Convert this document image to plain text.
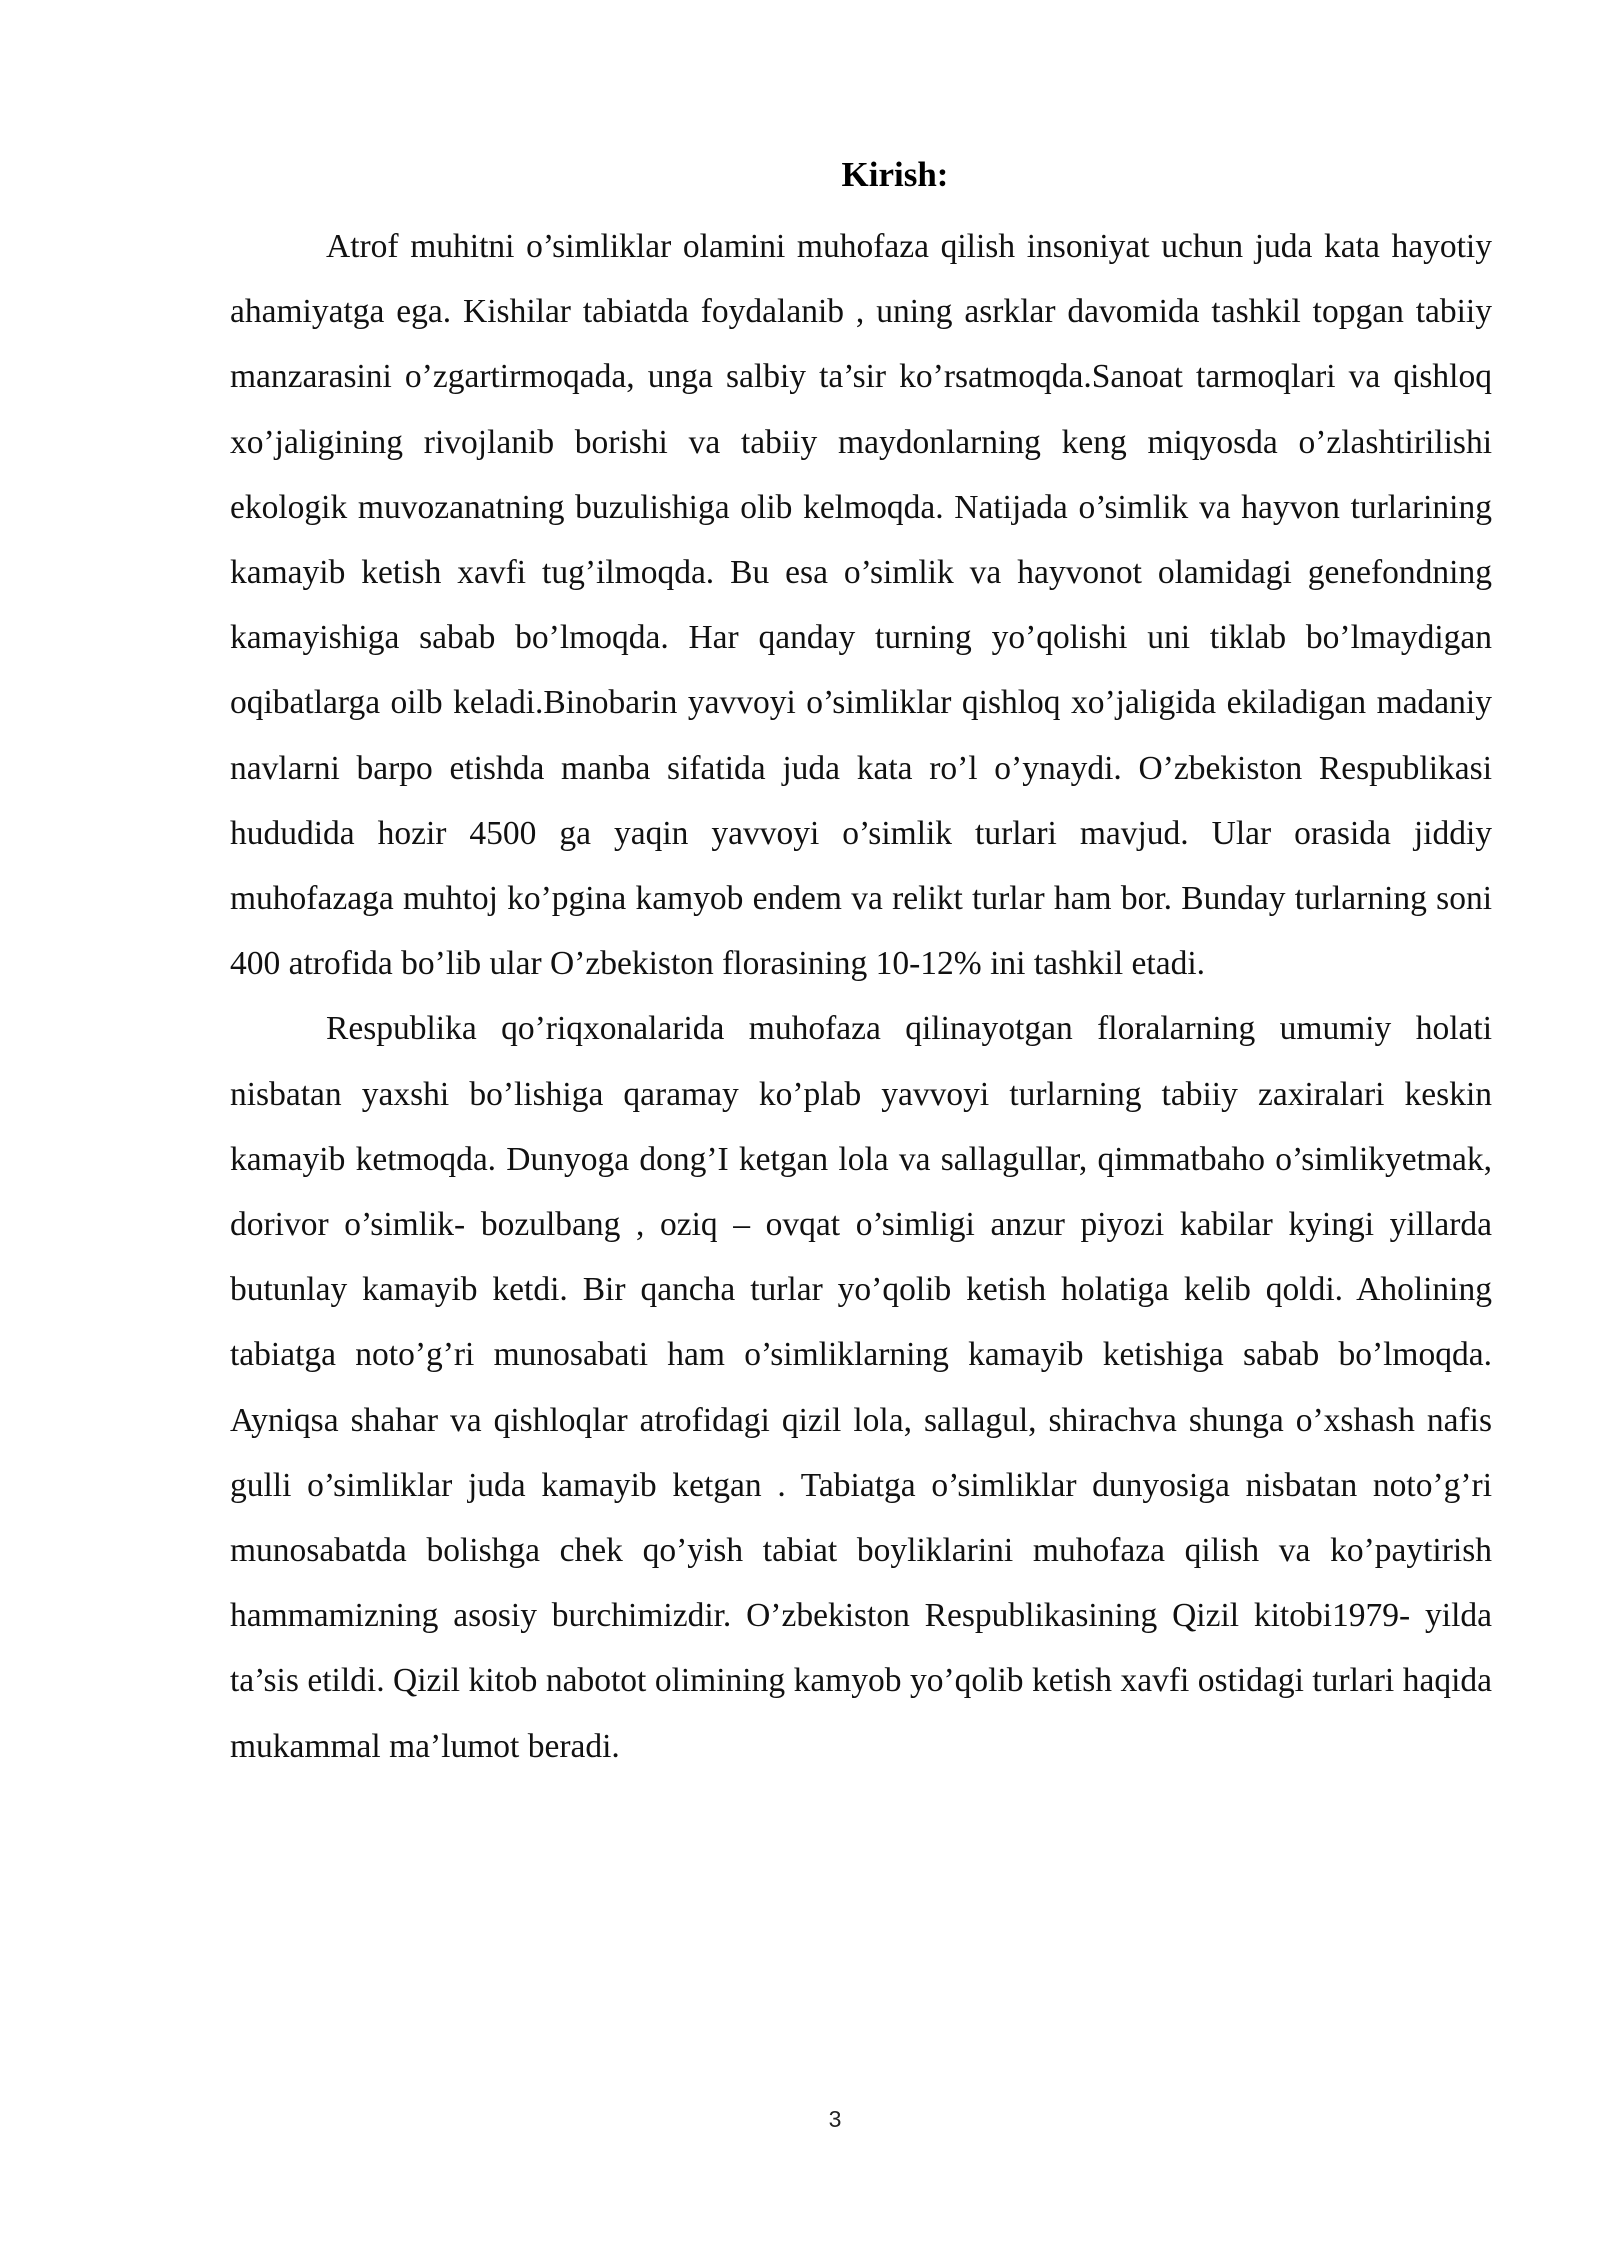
Kirish:

Atrof muhitni o’simliklar olamini muhofaza qilish insoniyat uchun juda kata hayotiy ahamiyatga ega. Kishilar tabiatda foydalanib , uning asrklar davomida tashkil topgan tabiiy manzarasini o’zgartirmoqada, unga salbiy ta’sir ko’rsatmoqda.Sanoat tarmoqlari va qishloq xo’jaligining rivojlanib borishi va tabiiy maydonlarning keng miqyosda o’zlashtirilishi ekologik muvozanatning buzulishiga olib kelmoqda. Natijada o’simlik va hayvon turlarining kamayib ketish xavfi tug’ilmoqda. Bu esa o’simlik va hayvonot olamidagi genefondning kamayishiga sabab bo’lmoqda. Har qanday turning yo’qolishi uni tiklab bo’lmaydigan oqibatlarga oilb keladi.Binobarin yavvoyi o’simliklar qishloq xo’jaligida ekiladigan madaniy navlarni barpo etishda manba sifatida juda kata ro’l o’ynaydi. O’zbekiston Respublikasi hududida hozir 4500 ga yaqin yavvoyi o’simlik turlari mavjud. Ular orasida jiddiy muhofazaga muhtoj ko’pgina kamyob endem va relikt turlar ham bor. Bunday turlarning soni 400 atrofida bo’lib ular O’zbekiston florasining 10-12% ini tashkil etadi.

Respublika qo’riqxonalarida muhofaza qilinayotgan floralarning umumiy holati nisbatan yaxshi bo’lishiga qaramay ko’plab yavvoyi turlarning tabiiy zaxiralari keskin kamayib ketmoqda. Dunyoga dong’I ketgan lola va sallagullar, qimmatbaho o’simlikyetmak, dorivor o’simlik- bozulbang , oziq – ovqat o’simligi anzur piyozi kabilar kyingi yillarda butunlay kamayib ketdi. Bir qancha turlar yo’qolib ketish holatiga kelib qoldi. Aholining tabiatga noto’g’ri munosabati ham o’simliklarning kamayib ketishiga sabab bo’lmoqda. Ayniqsa shahar va qishloqlar atrofidagi qizil lola, sallagul, shirachva shunga o’xshash nafis gulli o’simliklar juda kamayib ketgan . Tabiatga o’simliklar dunyosiga nisbatan noto’g’ri munosabatda bolishga chek qo’yish tabiat boyliklarini muhofaza qilish va ko’paytirish hammamizning asosiy burchimizdir. O’zbekiston Respublikasining Qizil kitobi1979- yilda ta’sis etildi. Qizil kitob nabotot olimining kamyob yo’qolib ketish xavfi ostidagi turlari haqida mukammal ma’lumot beradi.

3
